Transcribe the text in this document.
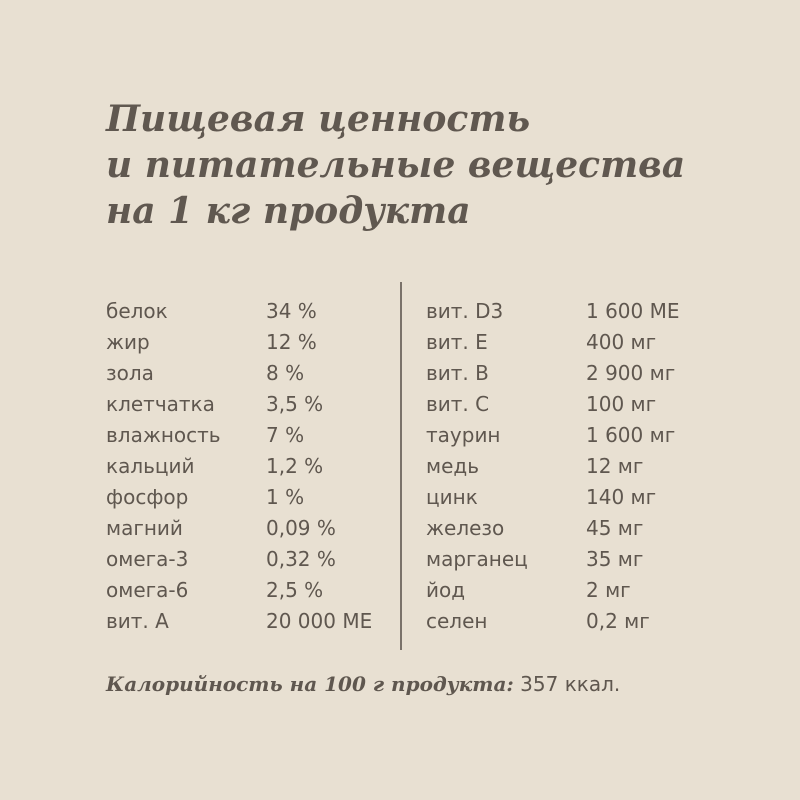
Пищевая ценность
и питательные вещества
на 1 кг продукта
белок	34 %
жир	12 %
зола	8 %
клетчатка	3,5 %
влажность	7 %
кальций	1,2 %
фосфор	1 %
магний	0,09 %
омега-3	0,32 %
омега-6	2,5 %
вит. А	20 000 МЕ
вит. D3	1 600 МЕ
вит. Е	400 мг
вит. В	2 900 мг
вит. С	100 мг
таурин	1 600 мг
медь	12 мг
цинк	140 мг
железо	45 мг
марганец	35 мг
йод	2 мг
селен	0,2 мг
Калорийность на 100 г продукта: 357 ккал.
